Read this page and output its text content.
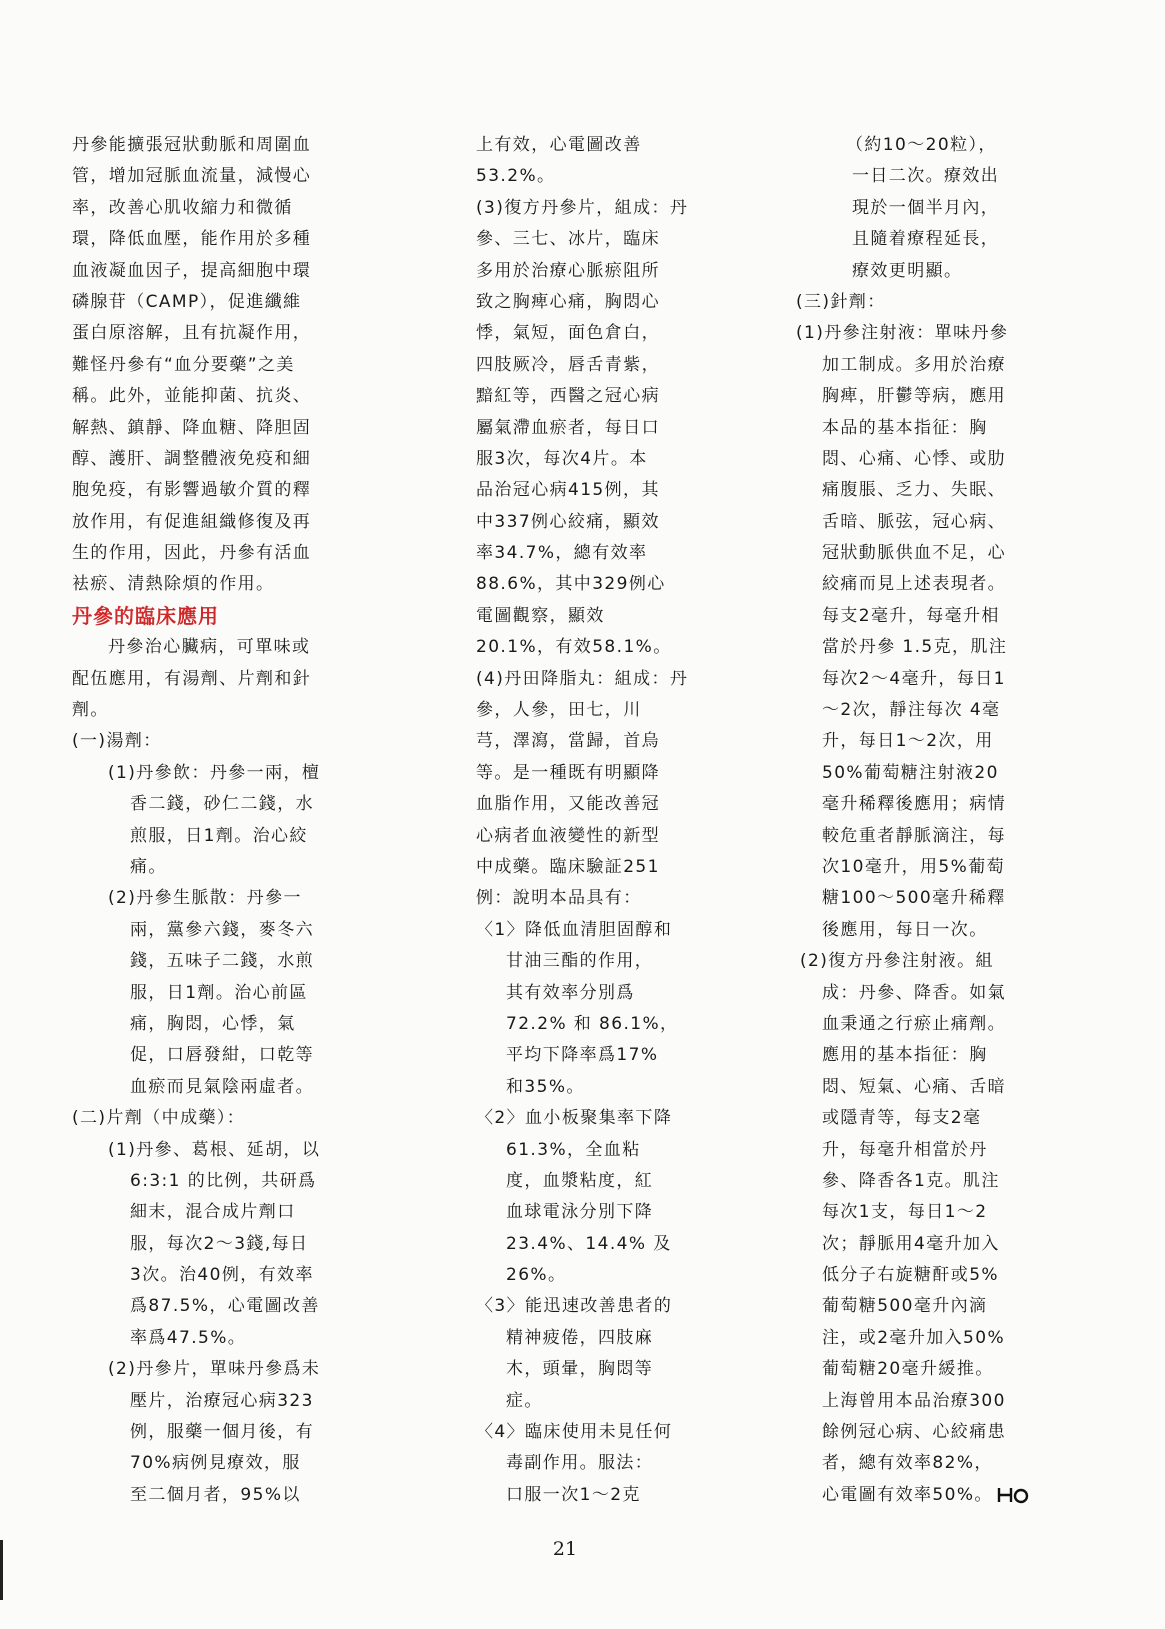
丹參能擴張冠狀動脈和周圍血
管，增加冠脈血流量，減慢心
率，改善心肌收縮力和微循
環，降低血壓，能作用於多種
血液凝血因子，提高細胞中環
磷腺苷（CAMP），促進纖維
蛋白原溶解，且有抗凝作用，
難怪丹參有“血分要藥”之美
稱。此外，並能抑菌、抗炎、
解熱、鎮靜、降血糖、降胆固
醇、護肝、調整體液免疫和細
胞免疫，有影響過敏介質的釋
放作用，有促進組織修復及再
生的作用，因此，丹參有活血
袪瘀、清熱除煩的作用。
丹參的臨床應用
丹參治心臟病，可單味或
配伍應用，有湯劑、片劑和針
劑。
(一)湯劑：
(1)丹參飲：丹參一兩，檀
香二錢，砂仁二錢，水
煎服，日1劑。治心絞
痛。
(2)丹參生脈散：丹參一
兩，黨參六錢，麥冬六
錢，五味子二錢，水煎
服，日1劑。治心前區
痛，胸悶，心悸，氣
促，口唇發紺，口乾等
血瘀而見氣陰兩虛者。
(二)片劑（中成藥）：
(1)丹參、葛根、延胡，以
6:3:1 的比例，共研爲
細末，混合成片劑口
服，每次2～3錢,每日
3次。治40例，有效率
爲87.5%，心電圖改善
率爲47.5%。
(2)丹參片，單味丹參爲未
壓片，治療冠心病323
例，服藥一個月後，有
70%病例見療效，服
至二個月者，95%以
上有效，心電圖改善
53.2%。
(3)復方丹參片，組成：丹
參、三七、冰片，臨床
多用於治療心脈瘀阻所
致之胸痺心痛，胸悶心
悸，氣短，面色倉白，
四肢厥冷，唇舌青紫，
黯紅等，西醫之冠心病
屬氣滯血瘀者，每日口
服3次，每次4片。本
品治冠心病415例，其
中337例心絞痛，顯效
率34.7%，總有效率
88.6%，其中329例心
電圖觀察，顯效
20.1%，有效58.1%。
(4)丹田降脂丸：組成：丹
參，人參，田七，川
芎，澤瀉，當歸，首烏
等。是一種既有明顯降
血脂作用，又能改善冠
心病者血液變性的新型
中成藥。臨床驗証251
例：說明本品具有：
〈1〉降低血清胆固醇和
甘油三酯的作用，
其有效率分別爲
72.2% 和 86.1%，
平均下降率爲17%
和35%。
〈2〉血小板聚集率下降
61.3%，全血粘
度，血漿粘度，紅
血球電泳分別下降
23.4%、14.4% 及
26%。
〈3〉能迅速改善患者的
精神疲倦，四肢麻
木，頭暈，胸悶等
症。
〈4〉臨床使用未見任何
毒副作用。服法：
口服一次1～2克
（約10～20粒），
一日二次。療效出
現於一個半月內，
且隨着療程延長，
療效更明顯。
(三)針劑：
(1)丹參注射液：單味丹參
加工制成。多用於治療
胸痺，肝鬱等病，應用
本品的基本指征：胸
悶、心痛、心悸、或肋
痛腹脹、乏力、失眠、
舌暗、脈弦，冠心病、
冠狀動脈供血不足，心
絞痛而見上述表現者。
每支2毫升，每毫升相
當於丹參 1.5克，肌注
每次2～4毫升，每日1
～2次，靜注每次 4毫
升，每日1～2次，用
50%葡萄糖注射液20
毫升稀釋後應用；病情
較危重者靜脈滴注，每
次10毫升，用5%葡萄
糖100～500毫升稀釋
後應用，每日一次。
(2)復方丹參注射液。組
成：丹參、降香。如氣
血秉通之行瘀止痛劑。
應用的基本指征：胸
悶、短氣、心痛、舌暗
或隱青等，每支2毫
升，每毫升相當於丹
參、降香各1克。肌注
每次1支，每日1～2
次；靜脈用4毫升加入
低分子右旋糖酐或5%
葡萄糖500毫升內滴
注，或2毫升加入50%
葡萄糖20毫升緩推。
上海曾用本品治療300
餘例冠心病、心絞痛患
者，總有效率82%，
心電圖有效率50%。
21
